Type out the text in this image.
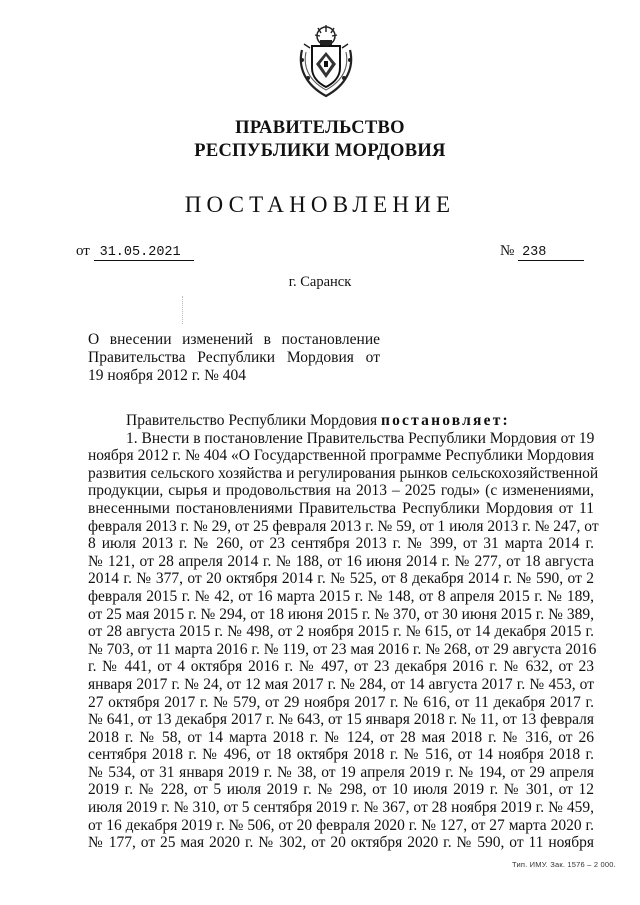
ПРАВИТЕЛЬСТВО
РЕСПУБЛИКИ МОРДОВИЯ
ПОСТАНОВЛЕНИЕ
от 31.05.2021	№ 238
г. Саранск
О внесении изменений в постановление
Правительства Республики Мордовия от
19 ноября 2012 г. № 404
Правительство Республики Мордовия постановляет:
1. Внести в постановление Правительства Республики Мордовия от 19
ноября 2012 г. № 404 «О Государственной программе Республики Мордовия
развития сельского хозяйства и регулирования рынков сельскохозяйственной
продукции, сырья и продовольствия на 2013 – 2025 годы» (с изменениями,
внесенными постановлениями Правительства Республики Мордовия от 11
февраля 2013 г. № 29, от 25 февраля 2013 г. № 59, от 1 июля 2013 г. № 247, от
8 июля 2013 г. № 260, от 23 сентября 2013 г. № 399, от 31 марта 2014 г.
№ 121, от 28 апреля 2014 г. № 188, от 16 июня 2014 г. № 277, от 18 августа
2014 г. № 377, от 20 октября 2014 г. № 525, от 8 декабря 2014 г. № 590, от 2
февраля 2015 г. № 42, от 16 марта 2015 г. № 148, от 8 апреля 2015 г. № 189,
от 25 мая 2015 г. № 294, от 18 июня 2015 г. № 370, от 30 июня 2015 г. № 389,
от 28 августа 2015 г. № 498, от 2 ноября 2015 г. № 615, от 14 декабря 2015 г.
№ 703, от 11 марта 2016 г. № 119, от 23 мая 2016 г. № 268, от 29 августа 2016
г. № 441, от 4 октября 2016 г. № 497, от 23 декабря 2016 г. № 632, от 23
января 2017 г. № 24, от 12 мая 2017 г. № 284, от 14 августа 2017 г. № 453, от
27 октября 2017 г. № 579, от 29 ноября 2017 г. № 616, от 11 декабря 2017 г.
№ 641, от 13 декабря 2017 г. № 643, от 15 января 2018 г. № 11, от 13 февраля
2018 г. № 58, от 14 марта 2018 г. № 124, от 28 мая 2018 г. № 316, от 26
сентября 2018 г. № 496, от 18 октября 2018 г. № 516, от 14 ноября 2018 г.
№ 534, от 31 января 2019 г. № 38, от 19 апреля 2019 г. № 194, от 29 апреля
2019 г. № 228, от 5 июля 2019 г. № 298, от 10 июля 2019 г. № 301, от 12
июля 2019 г. № 310, от 5 сентября 2019 г. № 367, от 28 ноября 2019 г. № 459,
от 16 декабря 2019 г. № 506, от 20 февраля 2020 г. № 127, от 27 марта 2020 г.
№ 177, от 25 мая 2020 г. № 302, от 20 октября 2020 г. № 590, от 11 ноября
Тип. ИМУ. Зак. 1576 – 2 000.
